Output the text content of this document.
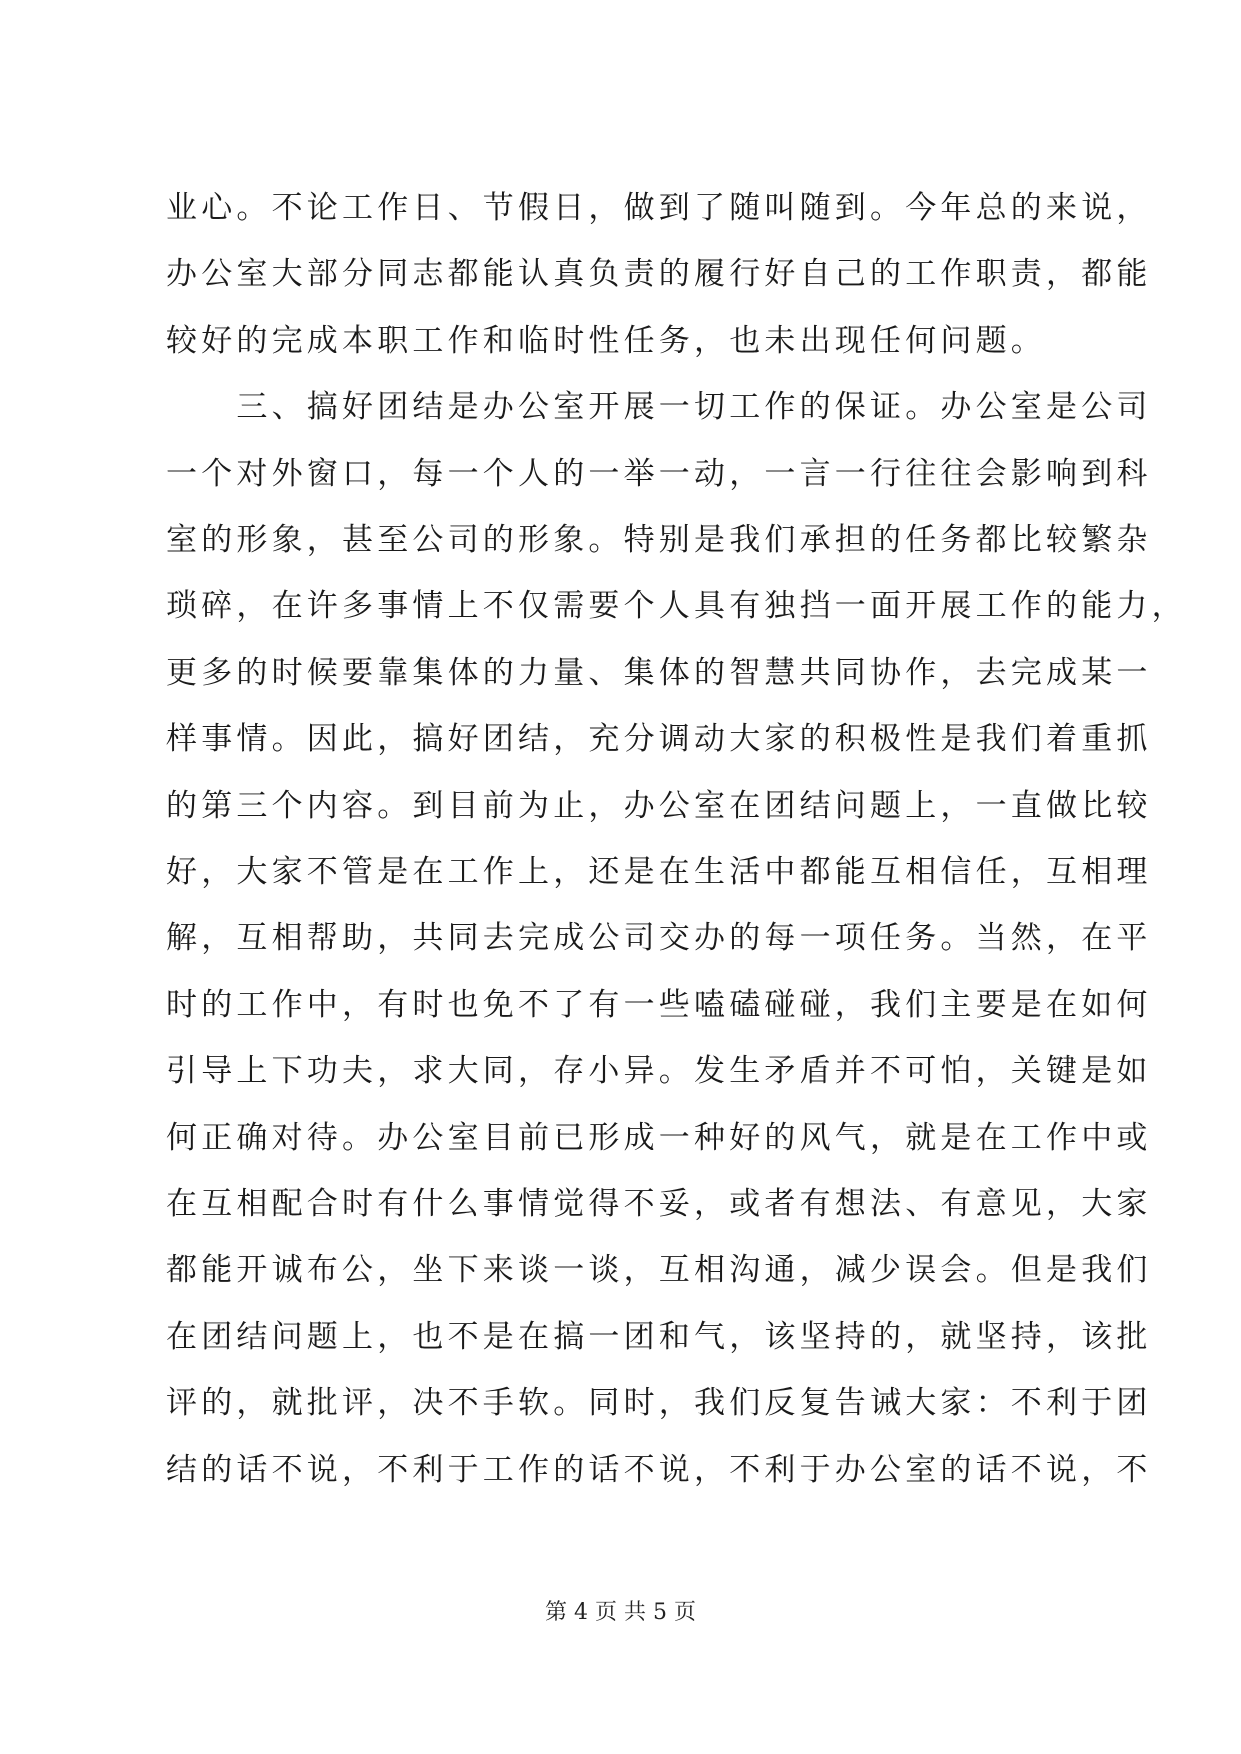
业心。不论工作日、节假日，做到了随叫随到。今年总的来说，
办公室大部分同志都能认真负责的履行好自己的工作职责，都能
较好的完成本职工作和临时性任务，也未出现任何问题。
　　三、搞好团结是办公室开展一切工作的保证。办公室是公司
一个对外窗口，每一个人的一举一动，一言一行往往会影响到科
室的形象，甚至公司的形象。特别是我们承担的任务都比较繁杂
琐碎，在许多事情上不仅需要个人具有独挡一面开展工作的能力，
更多的时候要靠集体的力量、集体的智慧共同协作，去完成某一
样事情。因此，搞好团结，充分调动大家的积极性是我们着重抓
的第三个内容。到目前为止，办公室在团结问题上，一直做比较
好，大家不管是在工作上，还是在生活中都能互相信任，互相理
解，互相帮助，共同去完成公司交办的每一项任务。当然，在平
时的工作中，有时也免不了有一些嗑磕碰碰，我们主要是在如何
引导上下功夫，求大同，存小异。发生矛盾并不可怕，关键是如
何正确对待。办公室目前已形成一种好的风气，就是在工作中或
在互相配合时有什么事情觉得不妥，或者有想法、有意见，大家
都能开诚布公，坐下来谈一谈，互相沟通，减少误会。但是我们
在团结问题上，也不是在搞一团和气，该坚持的，就坚持，该批
评的，就批评，决不手软。同时，我们反复告诫大家：不利于团
结的话不说，不利于工作的话不说，不利于办公室的话不说，不
第 4 页 共 5 页
